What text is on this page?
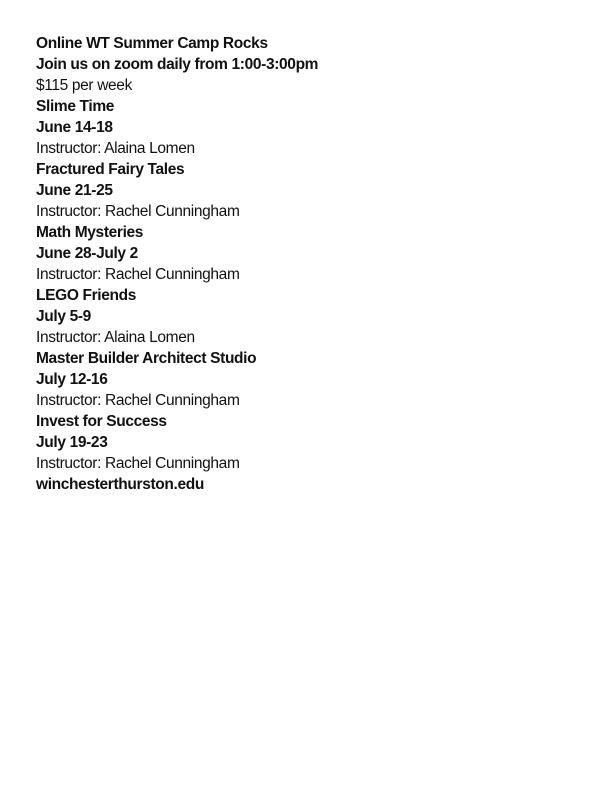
Online WT Summer Camp Rocks
Join us on zoom daily from 1:00-3:00pm
$115 per week
Slime Time
June 14-18
Instructor: Alaina Lomen
Fractured Fairy Tales
June 21-25
Instructor: Rachel Cunningham
Math Mysteries
June 28-July 2
Instructor: Rachel Cunningham
LEGO Friends
July 5-9
Instructor: Alaina Lomen
Master Builder Architect Studio
July 12-16
Instructor: Rachel Cunningham
Invest for Success
July 19-23
Instructor: Rachel Cunningham
winchesterthurston.edu
